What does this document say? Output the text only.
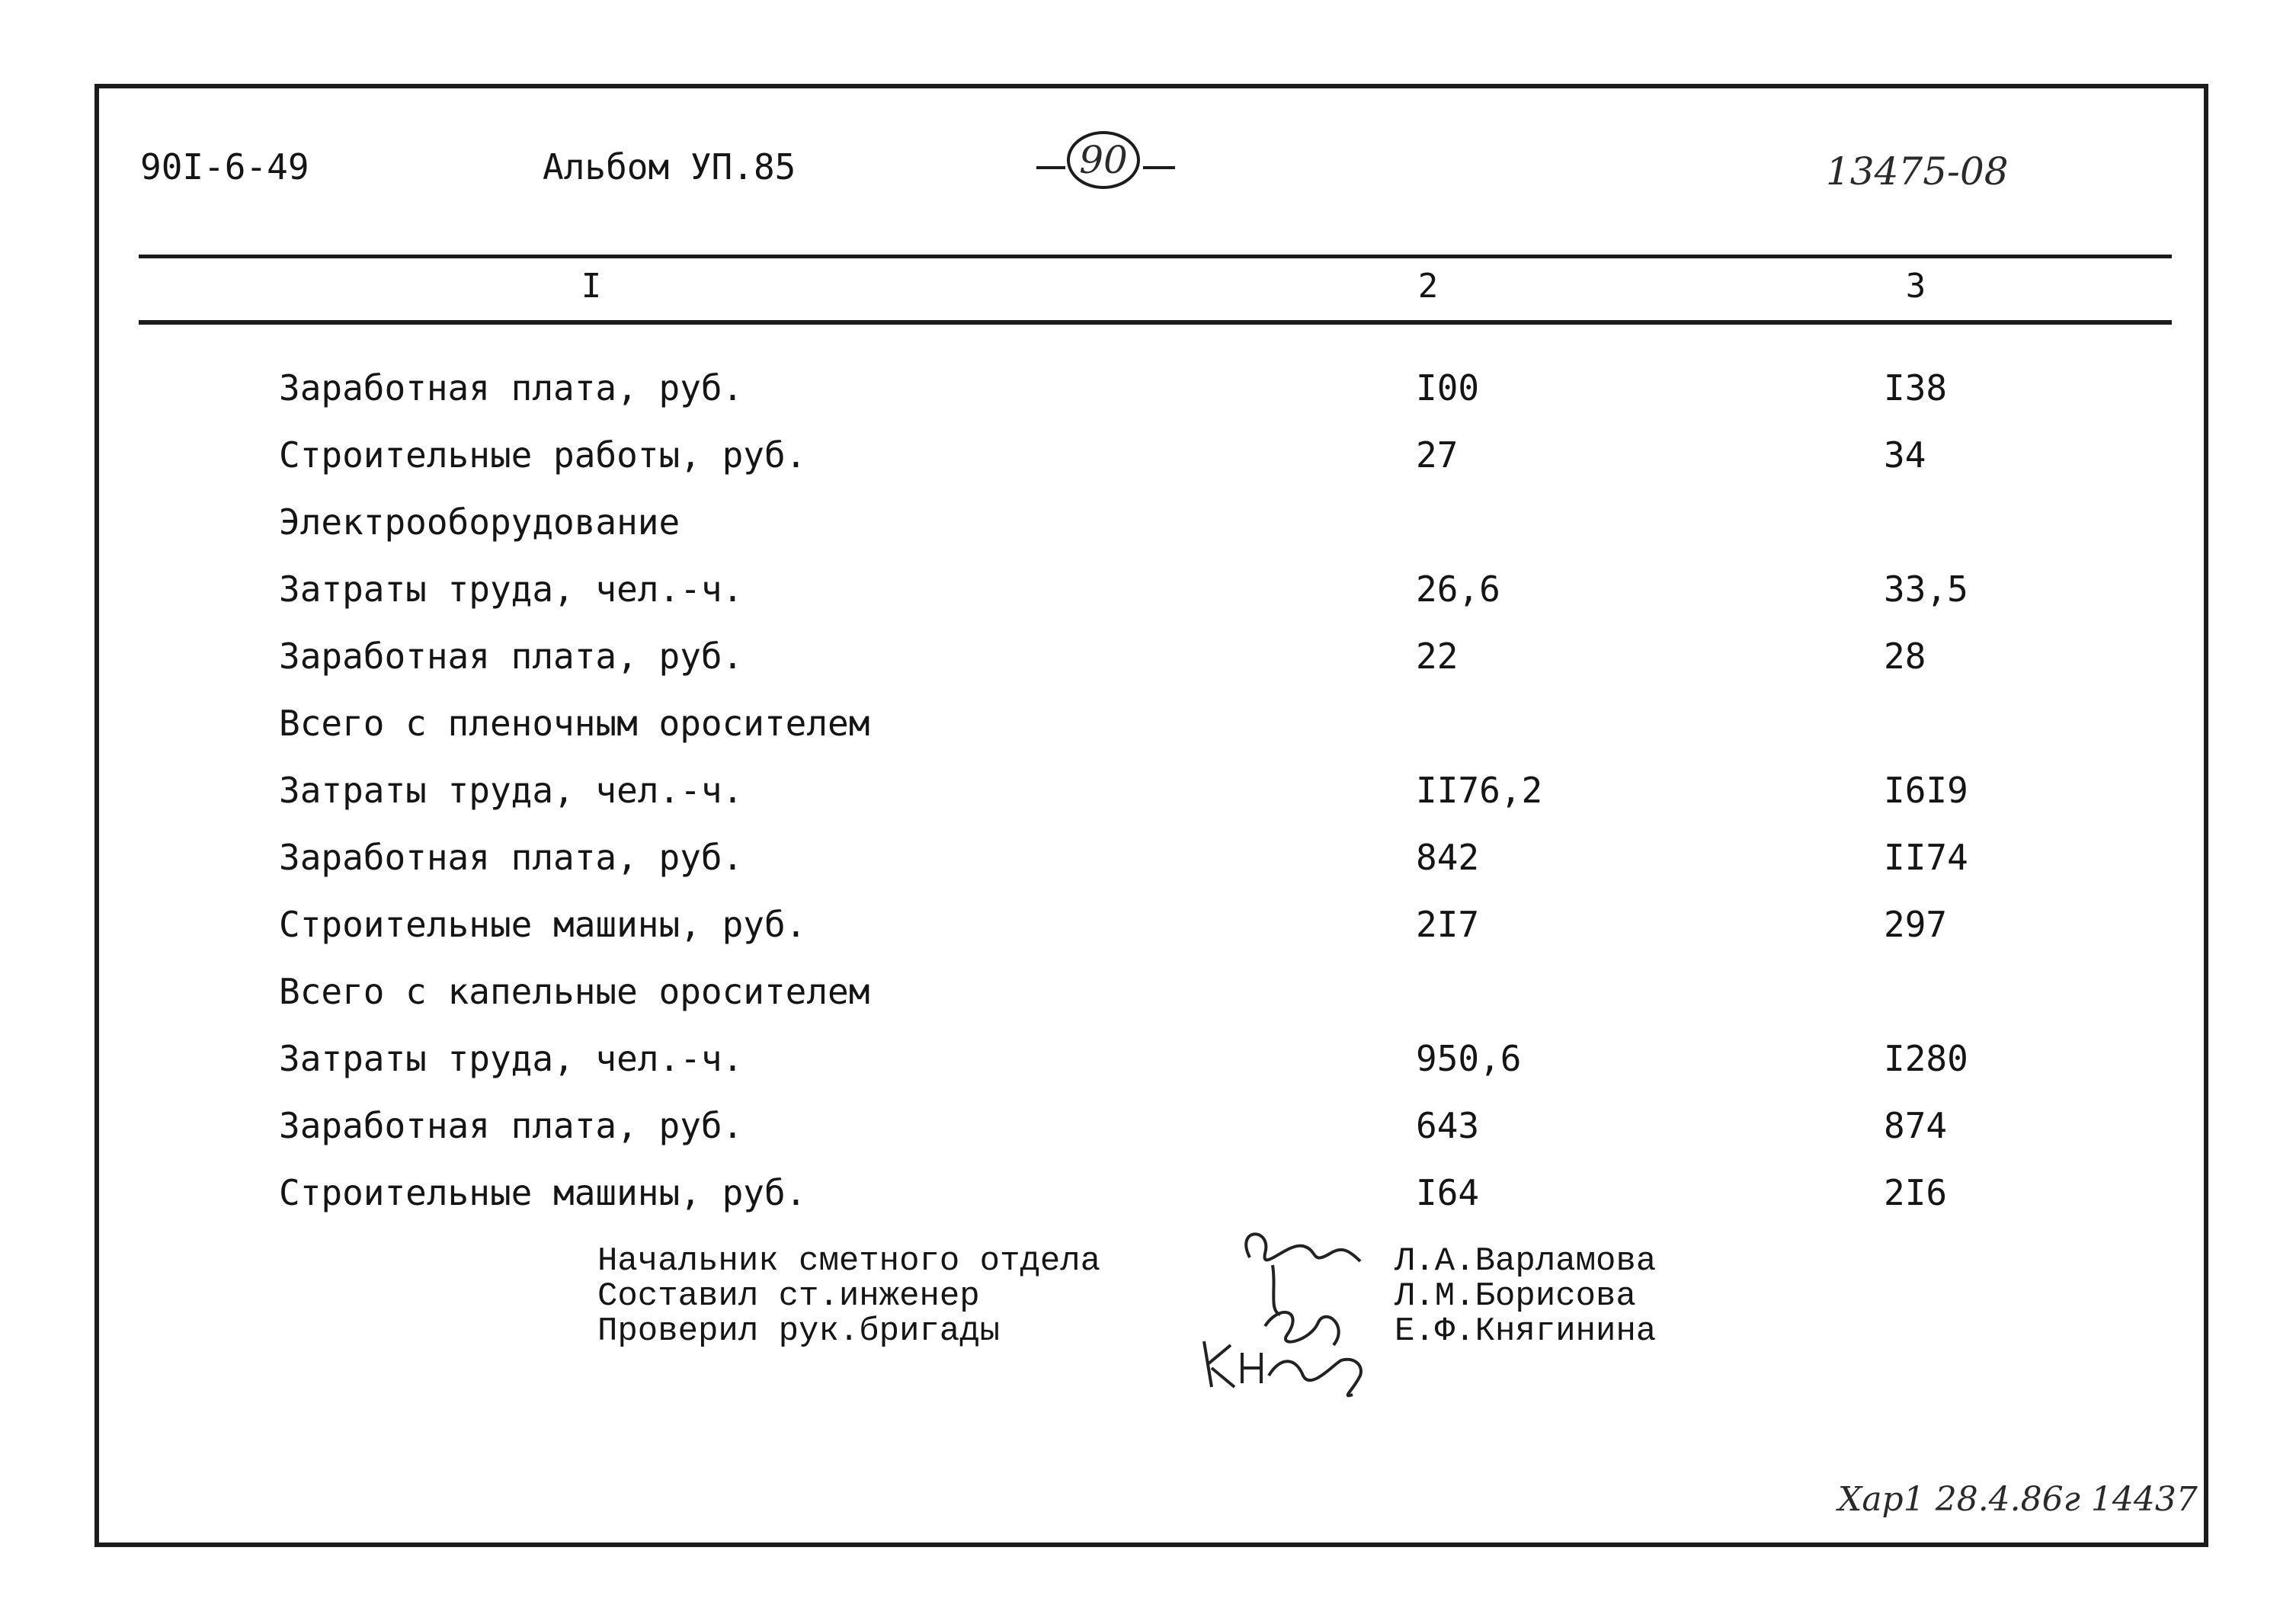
90I-6-49	Альбом УП.85	90	13475-08
I	2	3
Заработная плата, руб.	I00	I38
Строительные работы, руб.	27	34
Электрооборудование
Затраты труда, чел.-ч.	26,6	33,5
Заработная плата, руб.	22	28
Всего с пленочным оросителем
Затраты труда, чел.-ч.	II76,2	I6I9
Заработная плата, руб.	842	II74
Строительные машины, руб.	2I7	297
Всего с капельные оросителем
Затраты труда, чел.-ч.	950,6	I280
Заработная плата, руб.	643	874
Строительные машины, руб.	I64	2I6
Начальник сметного отдела
Составил ст.инженер
Проверил рук.бригады
Л.А.Варламова
Л.М.Борисова
Е.Ф.Княгинина
Хар1 28.4.86г 14437
